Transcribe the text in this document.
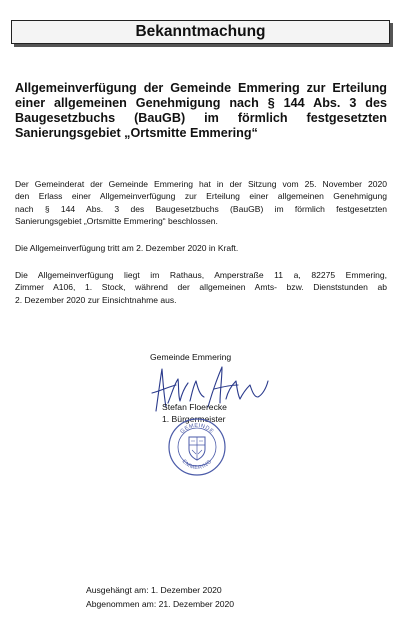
Bekanntmachung
Allgemeinverfügung der Gemeinde Emmering zur Erteilung
einer allgemeinen Genehmigung nach § 144 Abs. 3 des
Baugesetzbuchs (BauGB) im förmlich festgesetzten
Sanierungsgebiet „Ortsmitte Emmering“
Der Gemeinderat der Gemeinde Emmering hat in der Sitzung vom 25. November 2020
den Erlass einer Allgemeinverfügung zur Erteilung einer allgemeinen Genehmigung
nach § 144 Abs. 3 des Baugesetzbuchs (BauGB) im förmlich festgesetzten
Sanierungsgebiet „Ortsmitte Emmering“ beschlossen.
Die Allgemeinverfügung tritt am 2. Dezember 2020 in Kraft.
Die Allgemeinverfügung liegt im Rathaus, Amperstraße 11 a, 82275 Emmering,
Zimmer A106, 1. Stock, während der allgemeinen Amts- bzw. Dienststunden ab
2. Dezember 2020 zur Einsichtnahme aus.
Gemeinde Emmering
Stefan Floerecke
1. Bürgermeister
GEMEINDE
EMMERING
Ausgehängt am: 1. Dezember 2020
Abgenommen am: 21. Dezember 2020
